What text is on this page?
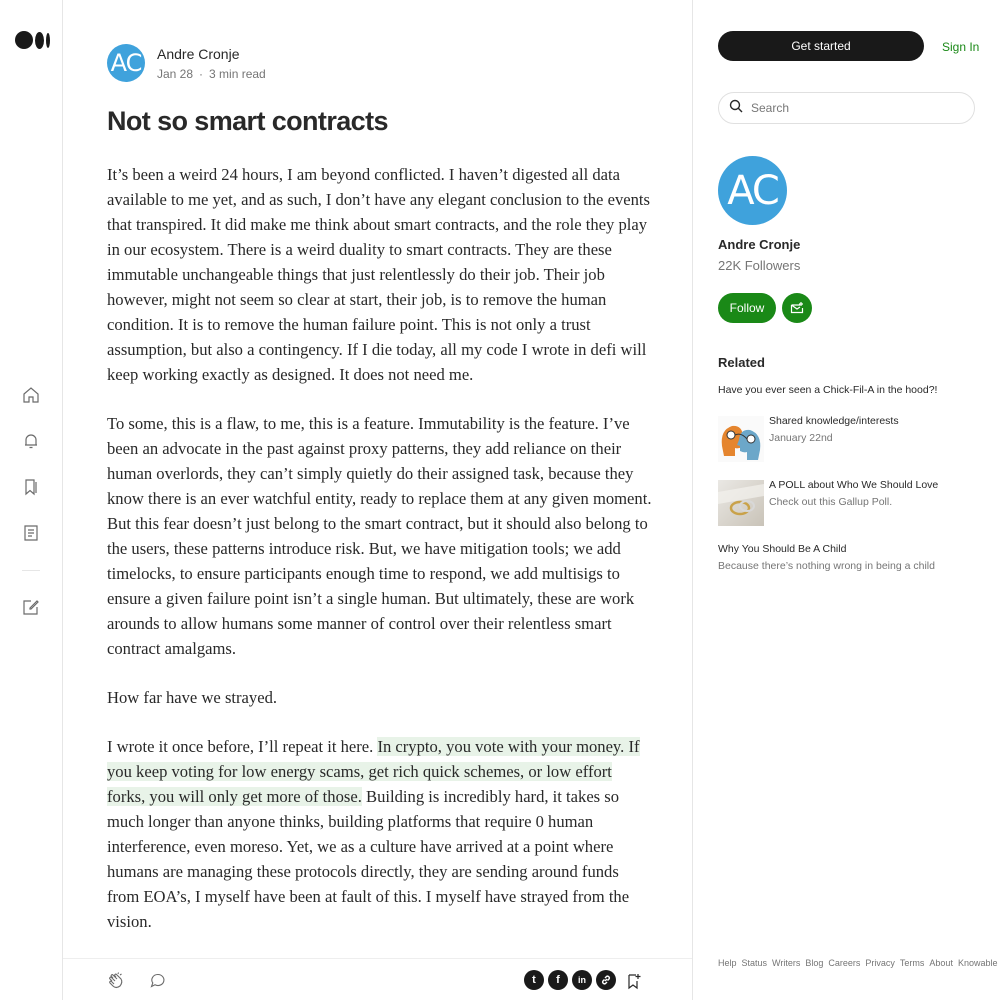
AC Andre Cronje
Jan 28 · 3 min read
Not so smart contracts

It’s been a weird 24 hours, I am beyond conflicted. I haven’t digested all data available to me yet, and as such, I don’t have any elegant conclusion to the events that transpired. It did make me think about smart contracts, and the role they play in our ecosystem. There is a weird duality to smart contracts. They are these immutable unchangeable things that just relentlessly do their job. Their job however, might not seem so clear at start, their job, is to remove the human condition. It is to remove the human failure point. This is not only a trust assumption, but also a contingency. If I die today, all my code I wrote in defi will keep working exactly as designed. It does not need me.

To some, this is a flaw, to me, this is a feature. Immutability is the feature. I’ve been an advocate in the past against proxy patterns, they add reliance on their human overlords, they can’t simply quietly do their assigned task, because they know there is an ever watchful entity, ready to replace them at any given moment. But this fear doesn’t just belong to the smart contract, but it should also belong to the users, these patterns introduce risk. But, we have mitigation tools; we add timelocks, to ensure participants enough time to respond, we add multisigs to ensure a given failure point isn’t a single human. But ultimately, these are work arounds to allow humans some manner of control over their relentless smart contract amalgams.

How far have we strayed.

I wrote it once before, I’ll repeat it here. In crypto, you vote with your money. If you keep voting for low energy scams, get rich quick schemes, or low effort forks, you will only get more of those. Building is incredibly hard, it takes so much longer than anyone thinks, building platforms that require 0 human interference, even moreso. Yet, we as a culture have arrived at a point where humans are managing these protocols directly, they are sending around funds from EOA’s, I myself have been at fault of this. I myself have strayed from the vision.

t	f	in
Get started	Sign In
Search
AC
Andre Cronje
22K Followers
Follow
Related
Have you ever seen a Chick-Fil-A in the hood?!
Shared knowledge/interests
January 22nd
A POLL about Who We Should Love
Check out this Gallup Poll.
Why You Should Be A Child
Because there’s nothing wrong in being a child
Help Status Writers Blog Careers Privacy Terms About Knowable
